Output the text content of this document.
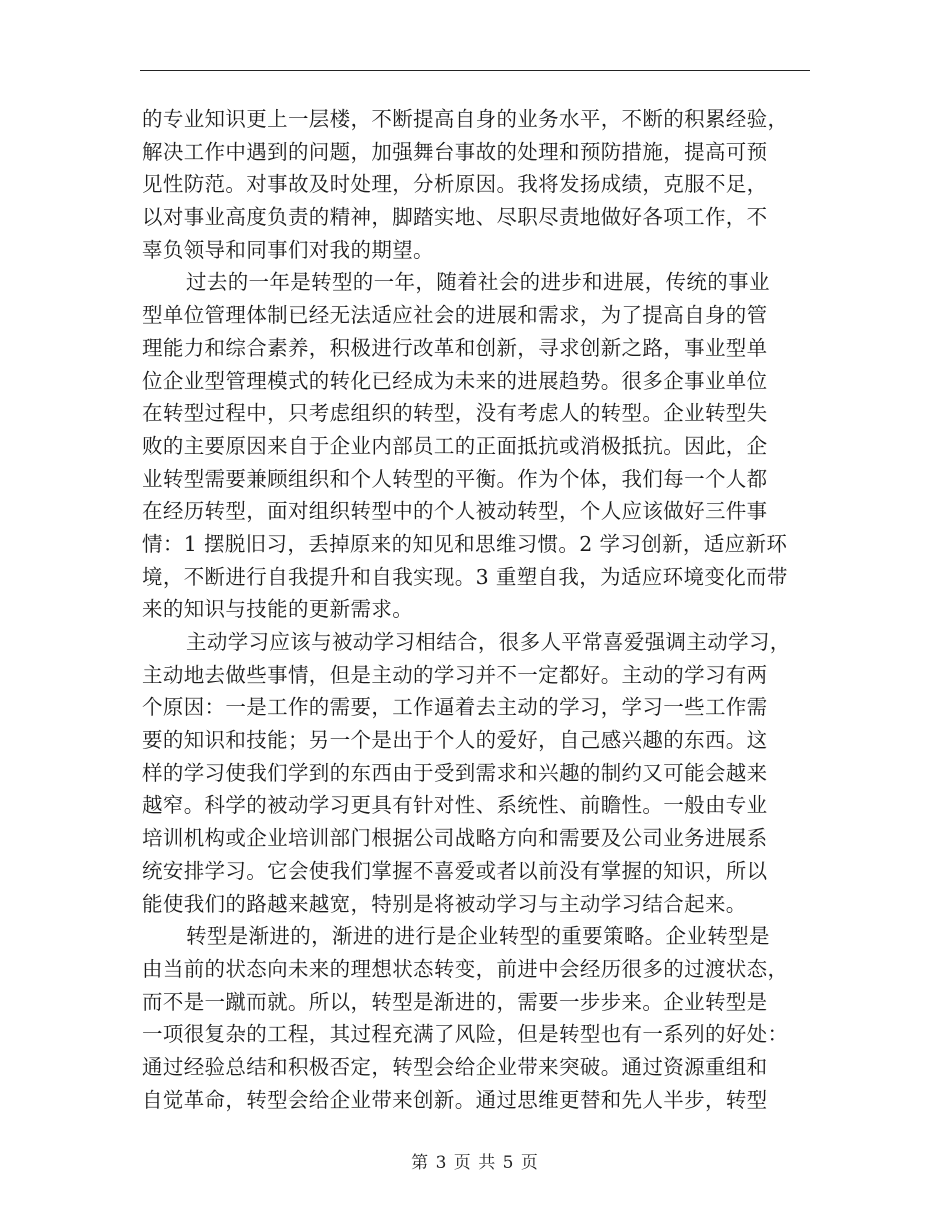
的专业知识更上一层楼，不断提高自身的业务水平，不断的积累经验，
解决工作中遇到的问题，加强舞台事故的处理和预防措施，提高可预
见性防范。对事故及时处理，分析原因。我将发扬成绩，克服不足，
以对事业高度负责的精神，脚踏实地、尽职尽责地做好各项工作，不
辜负领导和同事们对我的期望。
过去的一年是转型的一年，随着社会的进步和进展，传统的事业
型单位管理体制已经无法适应社会的进展和需求，为了提高自身的管
理能力和综合素养，积极进行改革和创新，寻求创新之路，事业型单
位企业型管理模式的转化已经成为未来的进展趋势。很多企事业单位
在转型过程中，只考虑组织的转型，没有考虑人的转型。企业转型失
败的主要原因来自于企业内部员工的正面抵抗或消极抵抗。因此，企
业转型需要兼顾组织和个人转型的平衡。作为个体，我们每一个人都
在经历转型，面对组织转型中的个人被动转型，个人应该做好三件事
情：1 摆脱旧习，丢掉原来的知见和思维习惯。2 学习创新，适应新环
境，不断进行自我提升和自我实现。3 重塑自我，为适应环境变化而带
来的知识与技能的更新需求。
主动学习应该与被动学习相结合，很多人平常喜爱强调主动学习，
主动地去做些事情，但是主动的学习并不一定都好。主动的学习有两
个原因：一是工作的需要，工作逼着去主动的学习，学习一些工作需
要的知识和技能；另一个是出于个人的爱好，自己感兴趣的东西。这
样的学习使我们学到的东西由于受到需求和兴趣的制约又可能会越来
越窄。科学的被动学习更具有针对性、系统性、前瞻性。一般由专业
培训机构或企业培训部门根据公司战略方向和需要及公司业务进展系
统安排学习。它会使我们掌握不喜爱或者以前没有掌握的知识，所以
能使我们的路越来越宽，特别是将被动学习与主动学习结合起来。
转型是渐进的，渐进的进行是企业转型的重要策略。企业转型是
由当前的状态向未来的理想状态转变，前进中会经历很多的过渡状态，
而不是一蹴而就。所以，转型是渐进的，需要一步步来。企业转型是
一项很复杂的工程，其过程充满了风险，但是转型也有一系列的好处：
通过经验总结和积极否定，转型会给企业带来突破。通过资源重组和
自觉革命，转型会给企业带来创新。通过思维更替和先人半步，转型
第 3 页 共 5 页
